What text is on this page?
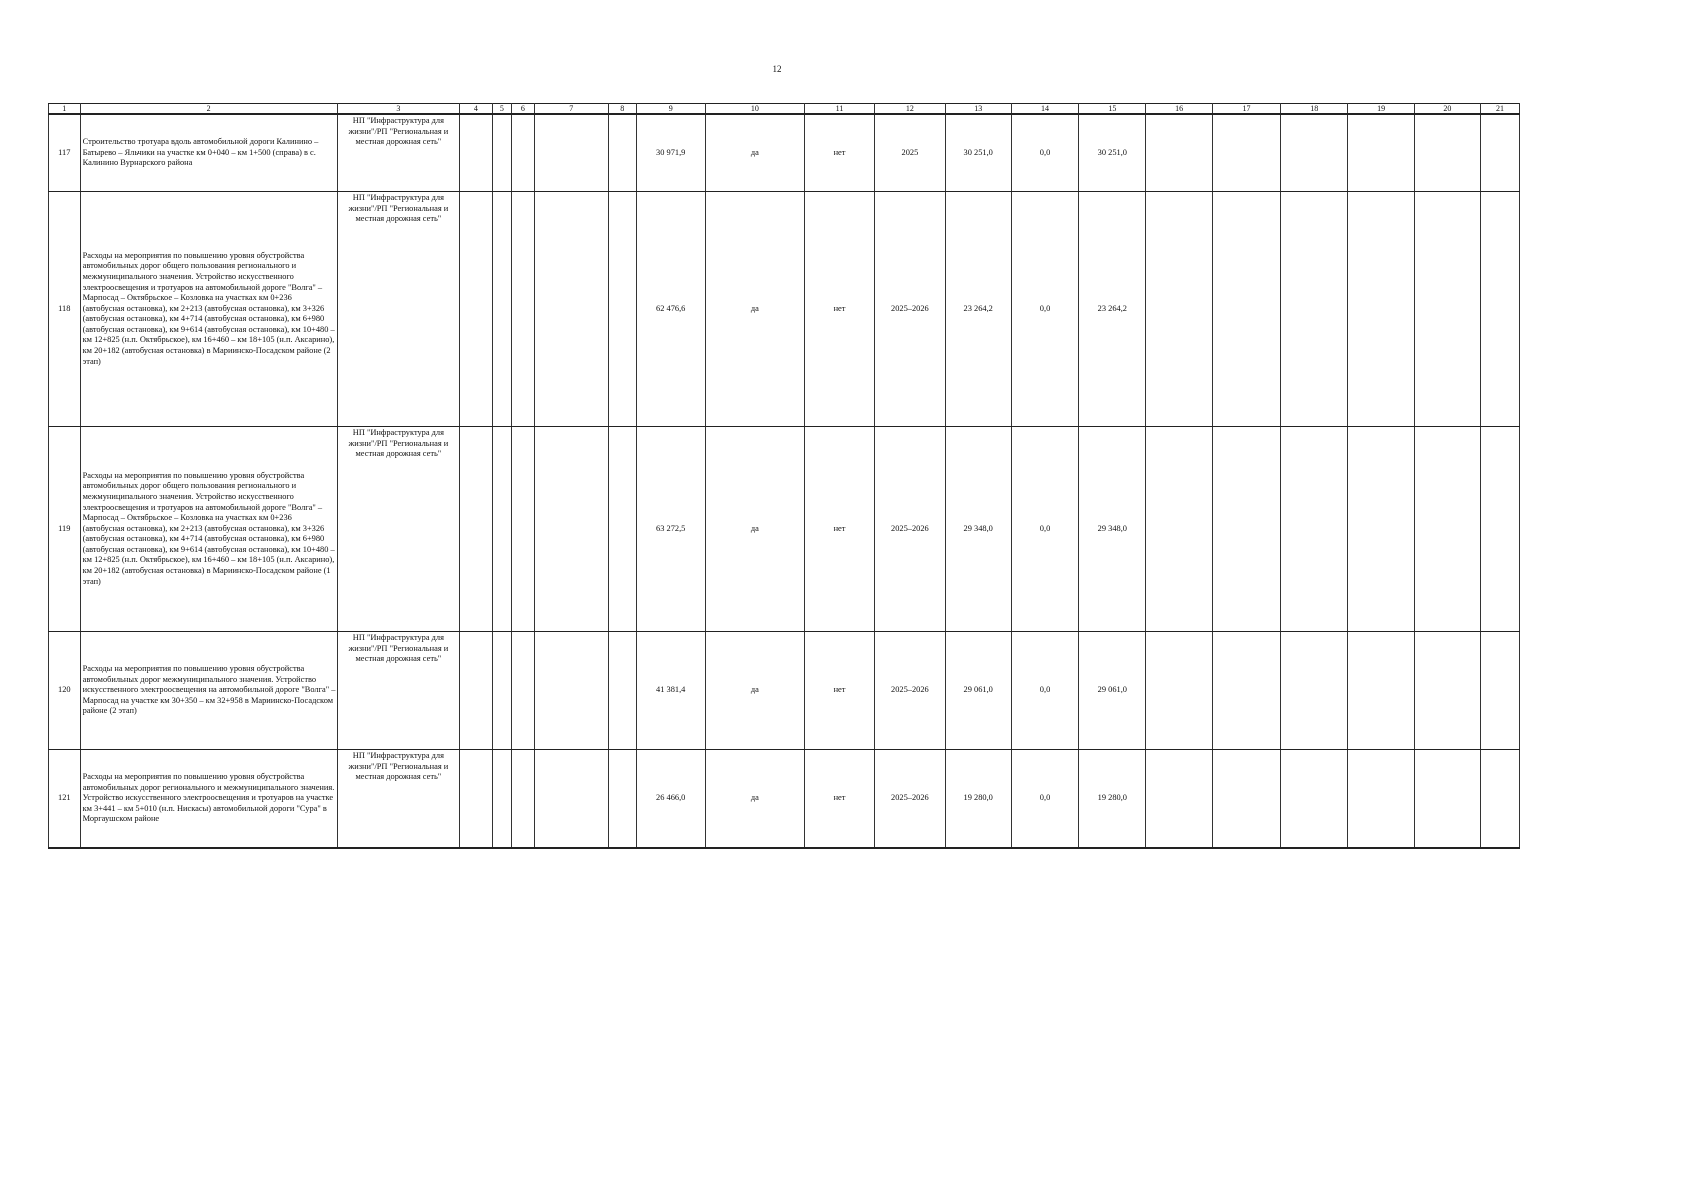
12
1	2	3	4	5	6	7	8	9	10	11	12	13	14	15	16	17	18	19	20	21
117	Строительство тротуара вдоль автомобильной дороги Калинино – Батырево – Яльчики на участке км 0+040 – км 1+500 (справа) в с. Калинино Вурнарского района	НП "Инфраструктура для жизни"/РП "Региональная и местная дорожная сеть"						30 971,9	да	нет	2025	30 251,0	0,0	30 251,0						
118	Расходы на мероприятия по повышению уровня обустройства автомобильных дорог общего пользования регионального и межмуниципального значения. Устройство искусственного электроосвещения и тротуаров на автомобильной дороге "Волга" – Марпосад – Октябрьское – Козловка на участках км 0+236 (автобусная остановка), км 2+213 (автобусная остановка), км 3+326 (автобусная остановка), км 4+714 (автобусная остановка), км 6+980 (автобусная остановка), км 9+614 (автобусная остановка), км 10+480 – км 12+825 (н.п. Октябрьское), км 16+460 – км 18+105 (н.п. Аксарино), км 20+182 (автобусная остановка) в Мариинско-Посадском районе (2 этап)	НП "Инфраструктура для жизни"/РП "Региональная и местная дорожная сеть"						62 476,6	да	нет	2025–2026	23 264,2	0,0	23 264,2						
119	Расходы на мероприятия по повышению уровня обустройства автомобильных дорог общего пользования регионального и межмуниципального значения. Устройство искусственного электроосвещения и тротуаров на автомобильной дороге "Волга" – Марпосад – Октябрьское – Козловка на участках км 0+236 (автобусная остановка), км 2+213 (автобусная остановка), км 3+326 (автобусная остановка), км 4+714 (автобусная остановка), км 6+980 (автобусная остановка), км 9+614 (автобусная остановка), км 10+480 – км 12+825 (н.п. Октябрьское), км 16+460 – км 18+105 (н.п. Аксарино), км 20+182 (автобусная остановка) в Мариинско-Посадском районе (1 этап)	НП "Инфраструктура для жизни"/РП "Региональная и местная дорожная сеть"						63 272,5	да	нет	2025–2026	29 348,0	0,0	29 348,0						
120	Расходы на мероприятия по повышению уровня обустройства автомобильных дорог межмуниципального значения. Устройство искусственного электроосвещения на автомобильной дороге "Волга" – Марпосад на участке км 30+350 – км 32+958 в Мариинско-Посадском районе (2 этап)	НП "Инфраструктура для жизни"/РП "Региональная и местная дорожная сеть"						41 381,4	да	нет	2025–2026	29 061,0	0,0	29 061,0						
121	Расходы на мероприятия по повышению уровня обустройства автомобильных дорог регионального и межмуниципального значения. Устройство искусственного электроосвещения и тротуаров на участке км 3+441 – км 5+010 (н.п. Нискасы) автомобильной дороги "Сура" в Моргаушском районе	НП "Инфраструктура для жизни"/РП "Региональная и местная дорожная сеть"						26 466,0	да	нет	2025–2026	19 280,0	0,0	19 280,0						
